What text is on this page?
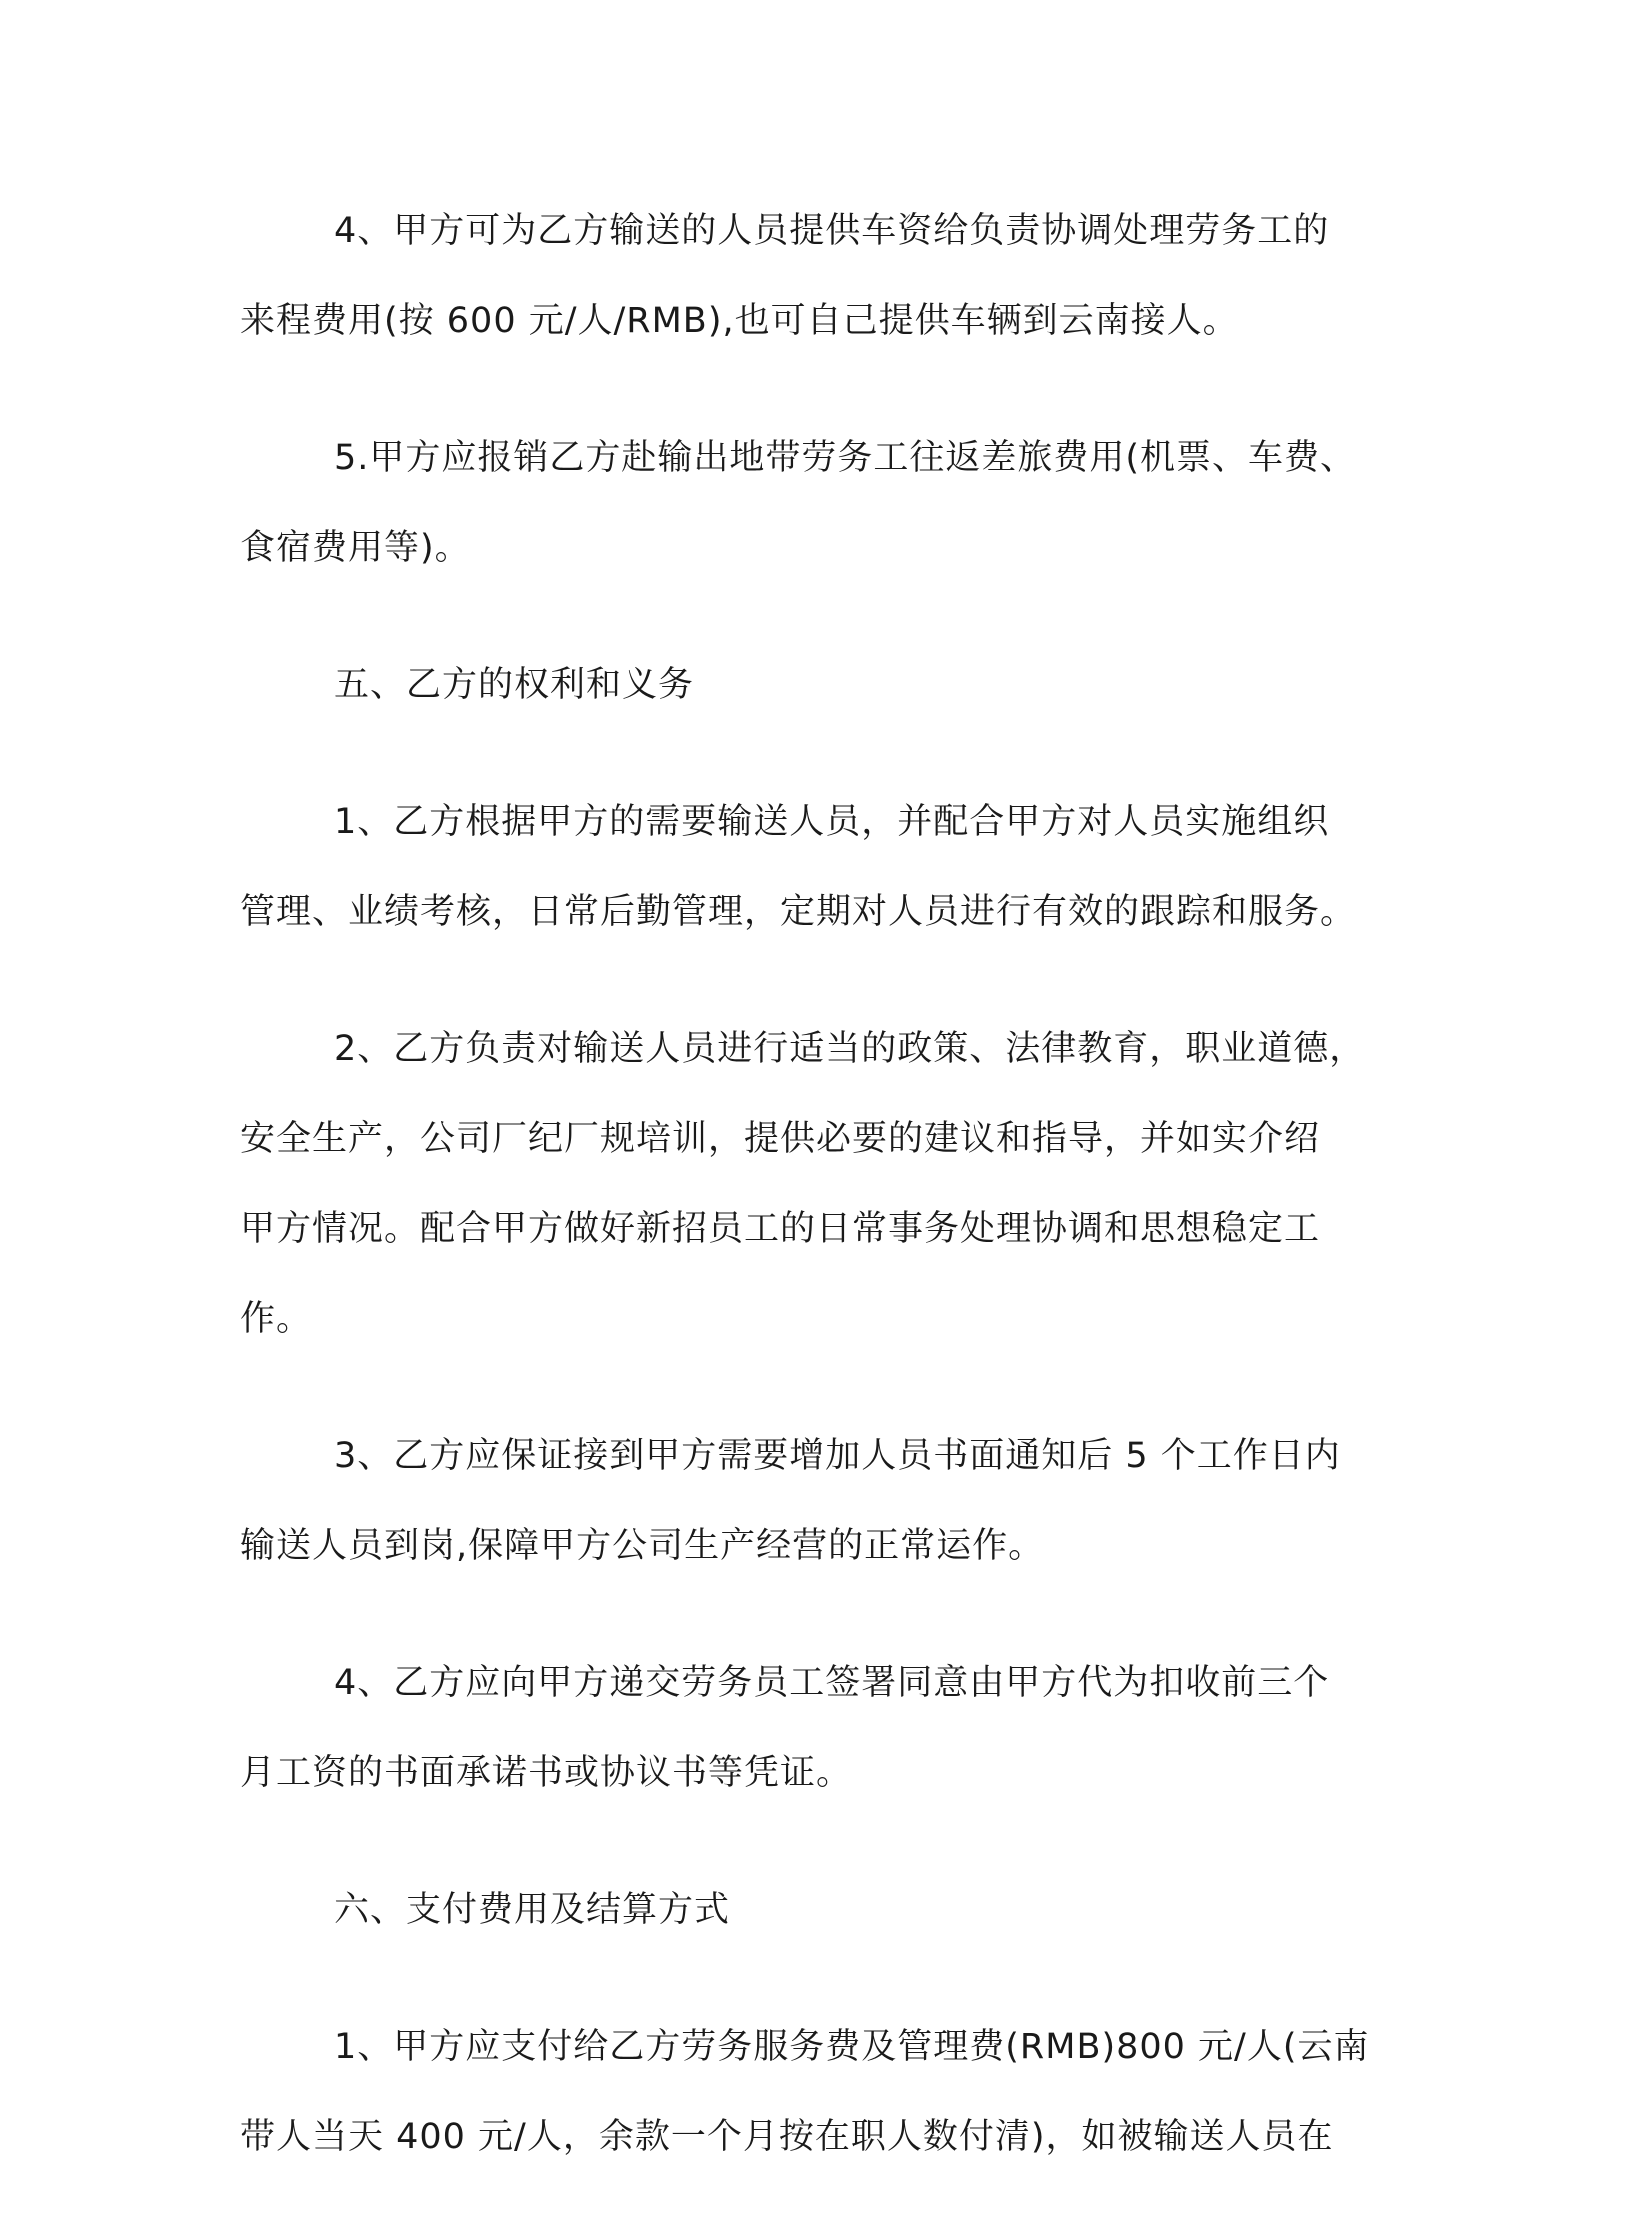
4、甲方可为乙方输送的人员提供车资给负责协调处理劳务工的
来程费用(按 600 元/人/RMB),也可自己提供车辆到云南接人。
5.甲方应报销乙方赴输出地带劳务工往返差旅费用(机票、车费、
食宿费用等)。
五、乙方的权利和义务
1、乙方根据甲方的需要输送人员，并配合甲方对人员实施组织
管理、业绩考核，日常后勤管理，定期对人员进行有效的跟踪和服务。
2、乙方负责对输送人员进行适当的政策、法律教育，职业道德，
安全生产，公司厂纪厂规培训，提供必要的建议和指导，并如实介绍
甲方情况。配合甲方做好新招员工的日常事务处理协调和思想稳定工
作。
3、乙方应保证接到甲方需要增加人员书面通知后 5 个工作日内
输送人员到岗,保障甲方公司生产经营的正常运作。
4、乙方应向甲方递交劳务员工签署同意由甲方代为扣收前三个
月工资的书面承诺书或协议书等凭证。
六、支付费用及结算方式
1、甲方应支付给乙方劳务服务费及管理费(RMB)800 元/人(云南
带人当天 400 元/人，余款一个月按在职人数付清)，如被输送人员在
